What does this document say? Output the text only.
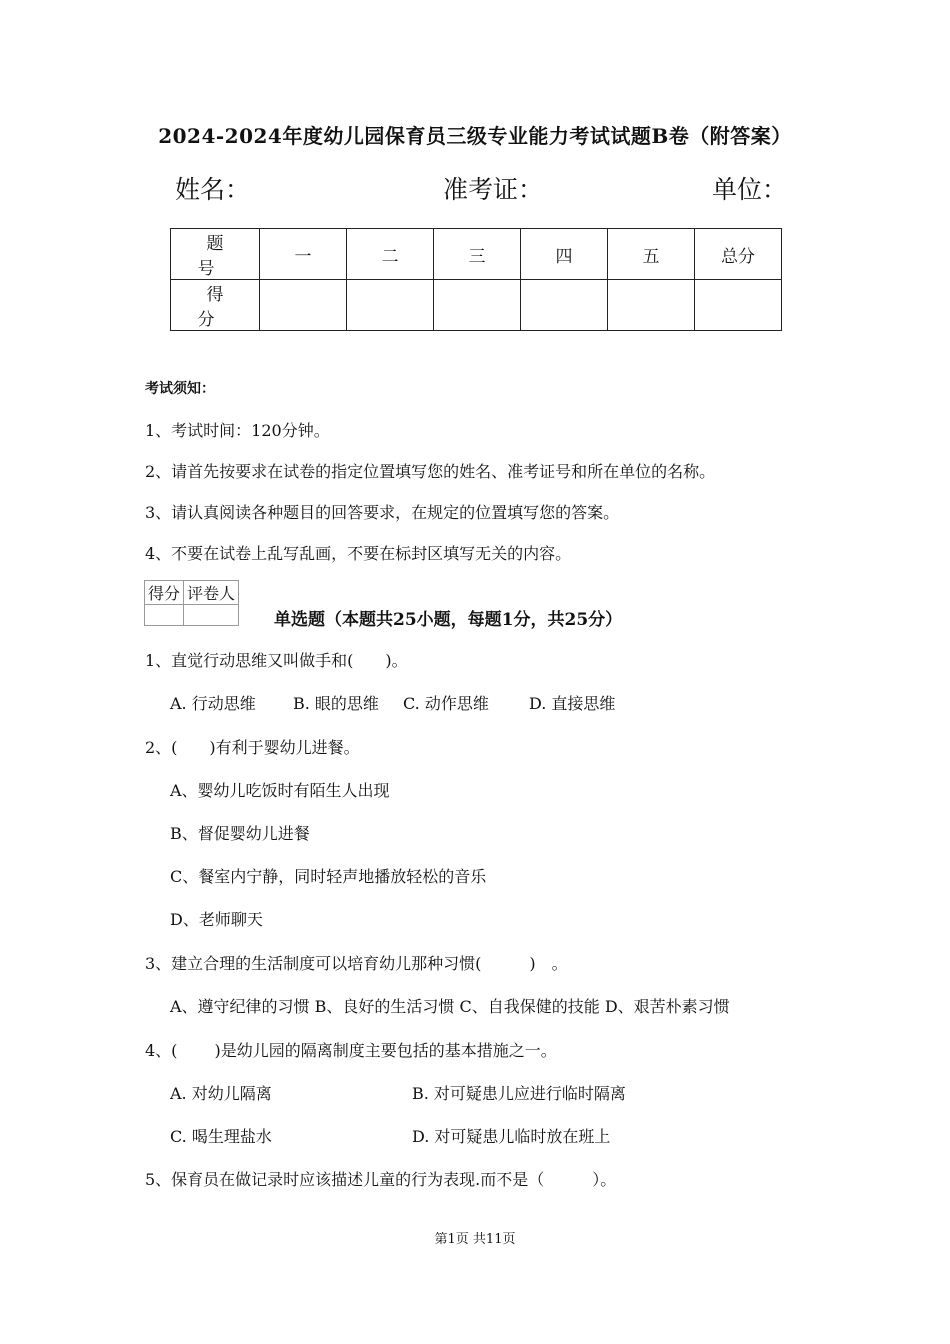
2024-2024年度幼儿园保育员三级专业能力考试试题B卷（附答案）
姓名：	准考证：	单位：
题　号	一	二	三	四	五	总分
得　分						
考试须知：
1、考试时间：120分钟。
2、请首先按要求在试卷的指定位置填写您的姓名、准考证号和所在单位的名称。
3、请认真阅读各种题目的回答要求，在规定的位置填写您的答案。
4、不要在试卷上乱写乱画，不要在标封区填写无关的内容。
得分	评卷人

单选题（本题共25小题，每题1分，共25分）
1、直觉行动思维又叫做手和(　　)。
A. 行动思维 B. 眼的思维 C. 动作思维	D. 直接思维
2、(　　)有利于婴幼儿进餐。
A、婴幼儿吃饭时有陌生人出现
B、督促婴幼儿进餐
C、餐室内宁静，同时轻声地播放轻松的音乐
D、老师聊天
3、建立合理的生活制度可以培育幼儿那种习惯(　　　)　。
A、遵守纪律的习惯 B、良好的生活习惯 C、自我保健的技能 D、艰苦朴素习惯
4、(　　 )是幼儿园的隔离制度主要包括的基本措施之一。
A. 对幼儿隔离	B. 对可疑患儿应进行临时隔离
C. 喝生理盐水	D. 对可疑患儿临时放在班上
5、保育员在做记录时应该描述儿童的行为表现.而不是（　　　）。
第1页 共11页
